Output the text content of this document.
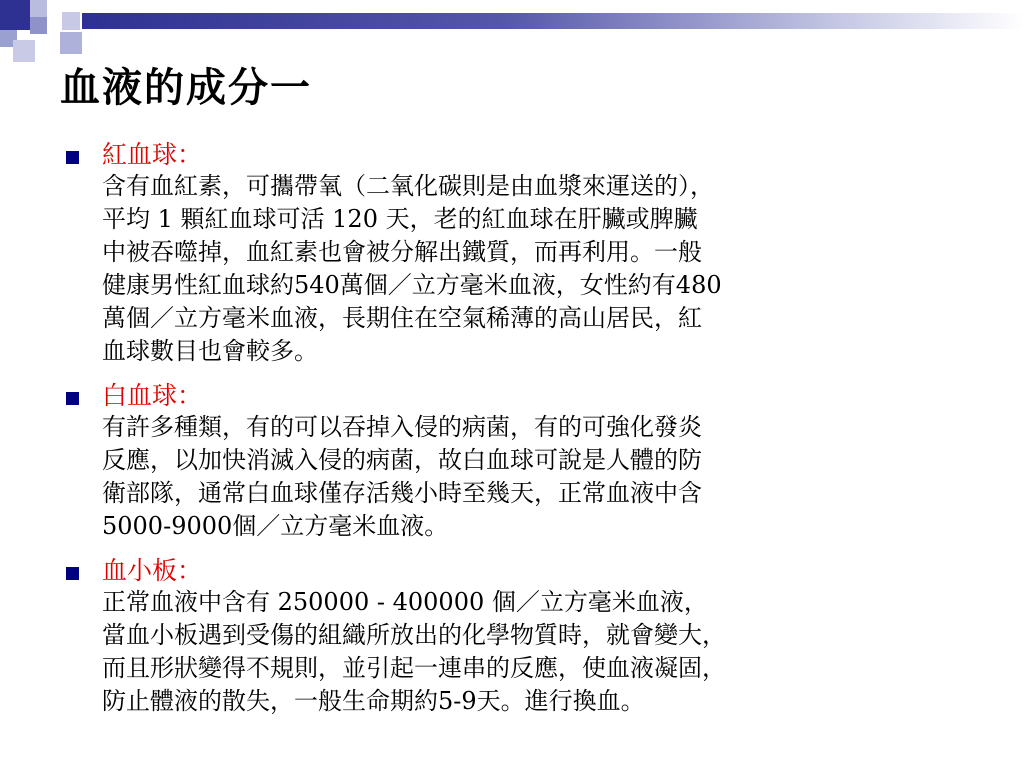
血液的成分一
紅血球：
含有血紅素，可攜帶氧（二氧化碳則是由血漿來運送的），
平均 1 顆紅血球可活 120 天，老的紅血球在肝臟或脾臟
中被吞噬掉，血紅素也會被分解出鐵質，而再利用。一般
健康男性紅血球約540萬個／立方毫米血液，女性約有480
萬個／立方毫米血液，長期住在空氣稀薄的高山居民，紅
血球數目也會較多。
白血球：
有許多種類，有的可以吞掉入侵的病菌，有的可強化發炎
反應，以加快消滅入侵的病菌，故白血球可說是人體的防
衛部隊，通常白血球僅存活幾小時至幾天，正常血液中含
5000-9000個／立方毫米血液。
血小板：
正常血液中含有 250000 - 400000 個／立方毫米血液，
當血小板遇到受傷的組織所放出的化學物質時，就會變大，
而且形狀變得不規則，並引起一連串的反應，使血液凝固，
防止體液的散失，一般生命期約5-9天。進行換血。
